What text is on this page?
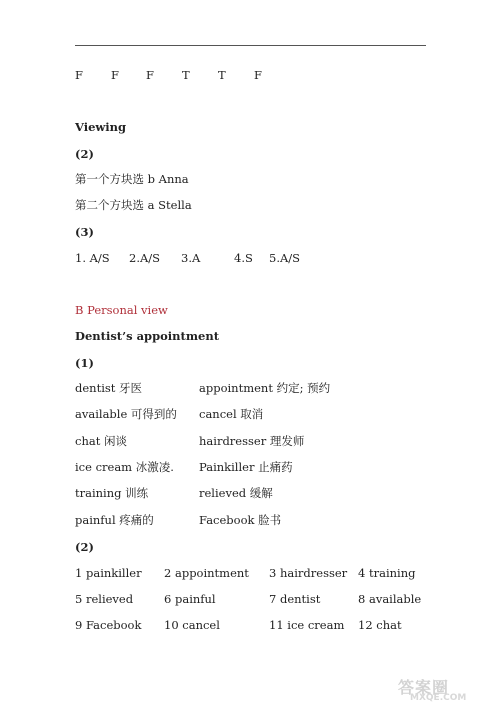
F F F T T F
Viewing
(2)
第一个方块选 b Anna
第二个方块选 a Stella
(3)
1. A/S 2.A/S 3.A	4.S 5.A/S
B Personal view
Dentist’s appointment
(1)
dentist 牙医	appointment 约定; 预约
available 可得到的 cancel 取消
chat 闲谈	hairdresser 理发师
ice cream 冰激凌. Painkiller 止痛药
training 训练	relieved 缓解
painful 疼痛的	Facebook 脸书
(2)
1 painkiller 2 appointment 3 hairdresser 4 training
5 relieved	6 painful	7 dentist	8 available
9 Facebook 10 cancel	11 ice cream 12 chat
答案圈
MXQE.COM
